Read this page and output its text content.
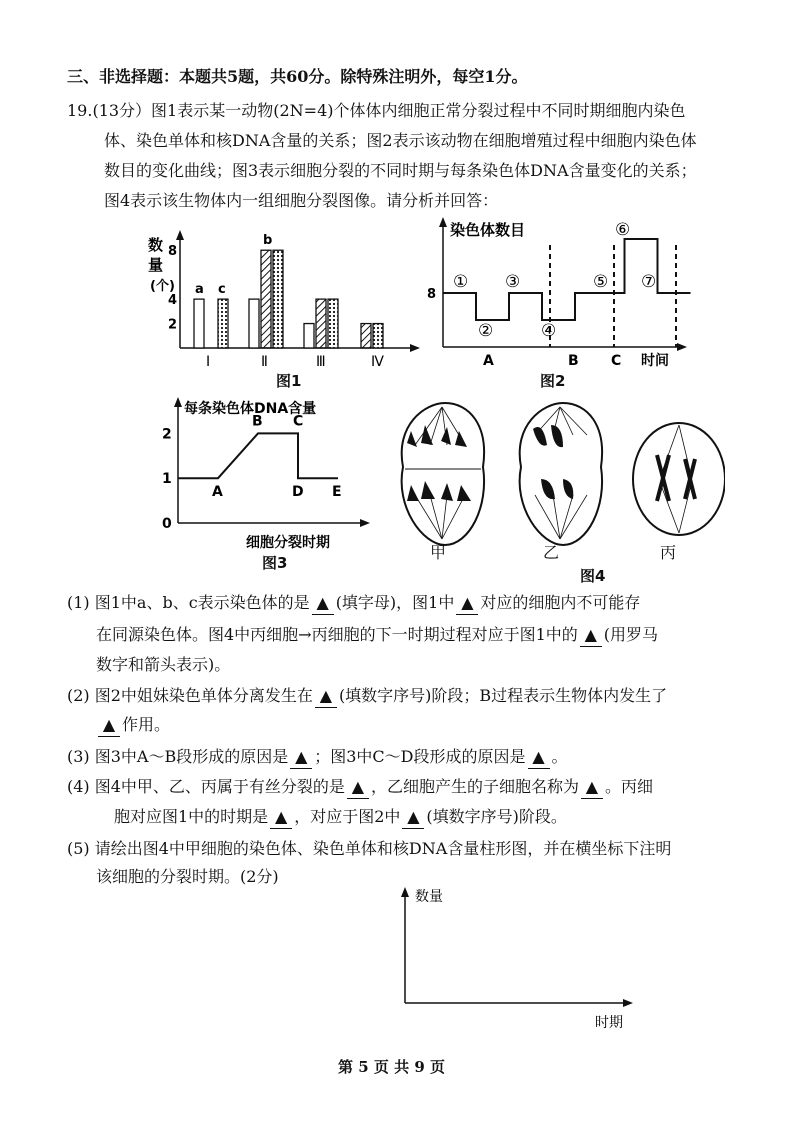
三、非选择题：本题共5题，共60分。除特殊注明外，每空1分。
19.(13分）图1表示某一动物(2N=4)个体体内细胞正常分裂过程中不同时期细胞内染色
体、染色单体和核DNA含量的关系；图2表示该动物在细胞增殖过程中细胞内染色体
数目的变化曲线；图3表示细胞分裂的不同时期与每条染色体DNA含量变化的关系；
图4表示该生物体内一组细胞分裂图像。请分析并回答：
数
量
(个)
2
4
8
Ⅰ	Ⅱ	Ⅲ	Ⅳ
a c
b
图1
染色体数目
8
①
②
③
④
⑤
⑥
⑦
A	B C 时间
图2
每条染色体DNA含量
0
1
2
A
B C
D E
细胞分裂时期
图3
甲	乙	丙
图4
(1) 图1中a、b、c表示染色体的是 ▲ (填字母)，图1中 ▲ 对应的细胞内不可能存
在同源染色体。图4中丙细胞→丙细胞的下一时期过程对应于图1中的 ▲ (用罗马
数字和箭头表示)。
(2) 图2中姐妹染色单体分离发生在 ▲ (填数字序号)阶段；B过程表示生物体内发生了
▲ 作用。
(3) 图3中A～B段形成的原因是 ▲ ；图3中C～D段形成的原因是 ▲ 。
(4) 图4中甲、乙、丙属于有丝分裂的是 ▲ ，乙细胞产生的子细胞名称为 ▲ 。丙细
胞对应图1中的时期是 ▲ ，对应于图2中 ▲ (填数字序号)阶段。
(5) 请绘出图4中甲细胞的染色体、染色单体和核DNA含量柱形图，并在横坐标下注明
该细胞的分裂时期。(2分)
数量
时期
第 5 页 共 9 页
